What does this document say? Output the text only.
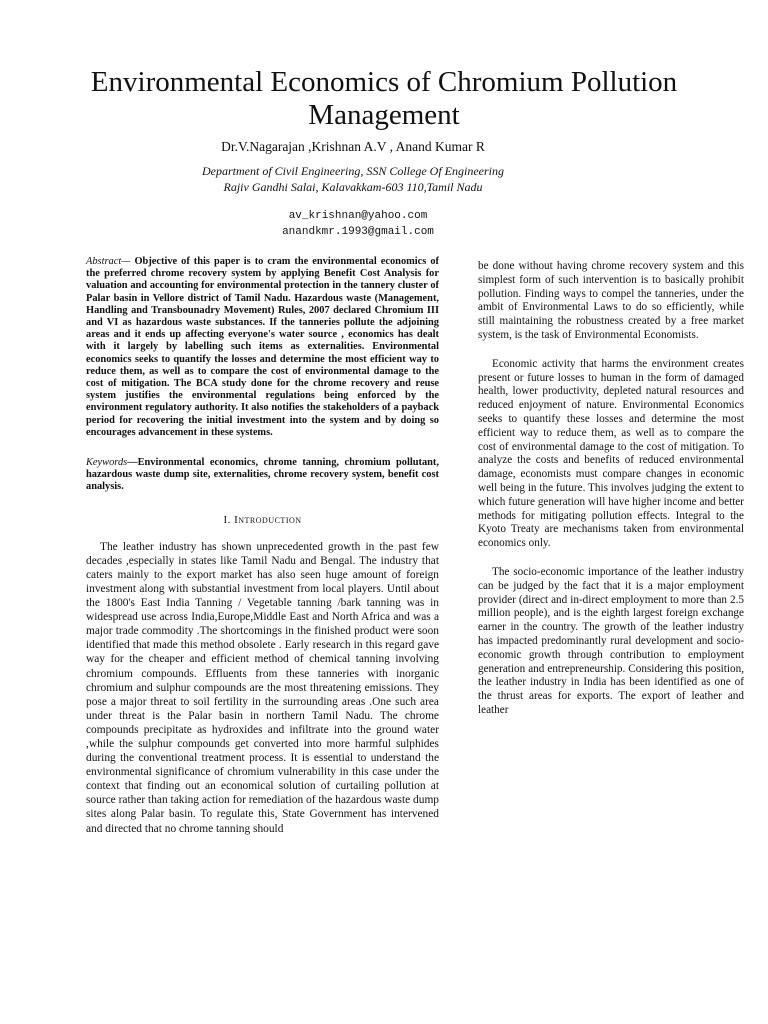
Environmental Economics of Chromium Pollution Management
Dr.V.Nagarajan ,Krishnan A.V , Anand Kumar R
Department of Civil Engineering, SSN College Of Engineering
Rajiv Gandhi Salai, Kalavakkam-603 110,Tamil Nadu
av_krishnan@yahoo.com
anandkmr.1993@gmail.com

Abstract— Objective of this paper is to cram the environmental economics of the preferred chrome recovery system by applying Benefit Cost Analysis for valuation and accounting for environmental protection in the tannery cluster of Palar basin in Vellore district of Tamil Nadu. Hazardous waste (Management, Handling and Transbounadry Movement) Rules, 2007 declared Chromium III and VI as hazardous waste substances. If the tanneries pollute the adjoining areas and it ends up affecting everyone's water source , economics has dealt with it largely by labelling such items as externalities. Environmental economics seeks to quantify the losses and determine the most efficient way to reduce them, as well as to compare the cost of environmental damage to the cost of mitigation. The BCA study done for the chrome recovery and reuse system justifies the environmental regulations being enforced by the environment regulatory authority. It also notifies the stakeholders of a payback period for recovering the initial investment into the system and by doing so encourages advancement in these systems.

Keywords—Environmental economics, chrome tanning, chromium pollutant, hazardous waste dump site, externalities, chrome recovery system, benefit cost analysis.

I. Introduction

The leather industry has shown unprecedented growth in the past few decades ,especially in states like Tamil Nadu and Bengal. The industry that caters mainly to the export market has also seen huge amount of foreign investment along with substantial investment from local players. Until about the 1800's East India Tanning / Vegetable tanning /bark tanning was in widespread use across India,Europe,Middle East and North Africa and was a major trade commodity .The shortcomings in the finished product were soon identified that made this method obsolete . Early research in this regard gave way for the cheaper and efficient method of chemical tanning involving chromium compounds. Effluents from these tanneries with inorganic chromium and sulphur compounds are the most threatening emissions. They pose a major threat to soil fertility in the surrounding areas .One such area under threat is the Palar basin in northern Tamil Nadu. The chrome compounds precipitate as hydroxides and infiltrate into the ground water ,while the sulphur compounds get converted into more harmful sulphides during the conventional treatment process. It is essential to understand the environmental significance of chromium vulnerability in this case under the context that finding out an economical solution of curtailing pollution at source rather than taking action for remediation of the hazardous waste dump sites along Palar basin. To regulate this, State Government has intervened and directed that no chrome tanning should

be done without having chrome recovery system and this simplest form of such intervention is to basically prohibit pollution. Finding ways to compel the tanneries, under the ambit of Environmental Laws to do so efficiently, while still maintaining the robustness created by a free market system, is the task of Environmental Economists.

Economic activity that harms the environment creates present or future losses to human in the form of damaged health, lower productivity, depleted natural resources and reduced enjoyment of nature. Environmental Economics seeks to quantify these losses and determine the most efficient way to reduce them, as well as to compare the cost of environmental damage to the cost of mitigation. To analyze the costs and benefits of reduced environmental damage, economists must compare changes in economic well being in the future. This involves judging the extent to which future generation will have higher income and better methods for mitigating pollution effects. Integral to the Kyoto Treaty are mechanisms taken from environmental economics only.

The socio-economic importance of the leather industry can be judged by the fact that it is a major employment provider (direct and in-direct employment to more than 2.5 million people), and is the eighth largest foreign exchange earner in the country. The growth of the leather industry has impacted predominantly rural development and socio-economic growth through contribution to employment generation and entrepreneurship. Considering this position, the leather industry in India has been identified as one of the thrust areas for exports. The export of leather and leather
